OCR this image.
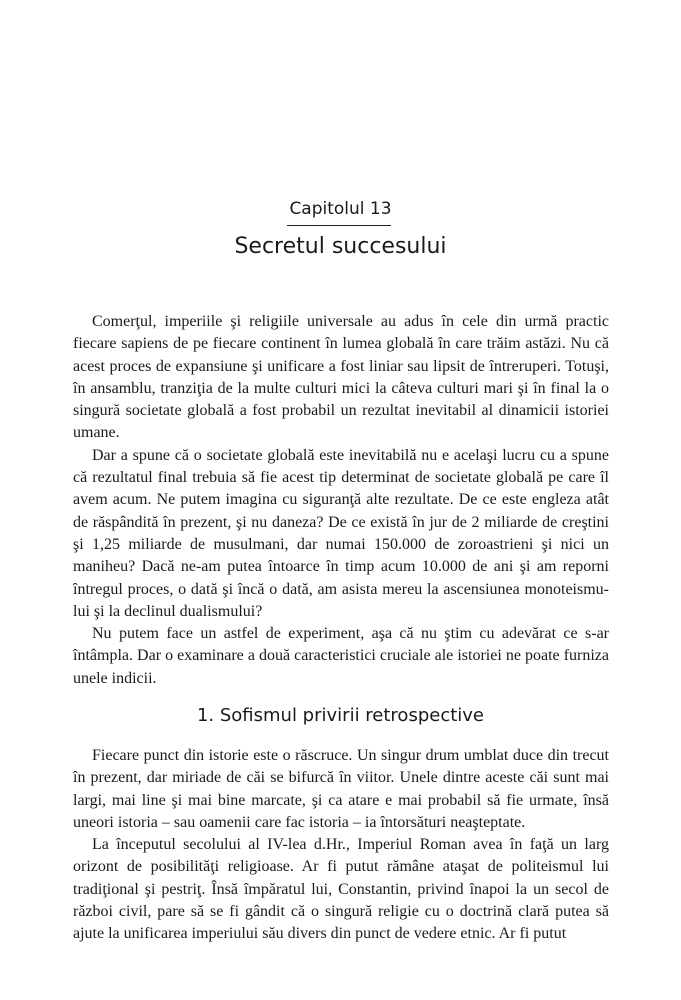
Capitolul 13
Secretul succesului

Comerţul, imperiile şi religiile universale au adus în cele din urmă practic fiecare sapiens de pe fiecare continent în lumea globală în care trăim astăzi. Nu că acest proces de expansiune şi unificare a fost liniar sau lipsit de întreruperi. Totuşi, în ansamblu, tranziţia de la multe culturi mici la câteva culturi mari şi în final la o singură societate globală a fost probabil un rezultat inevitabil al dinamicii istoriei umane.

Dar a spune că o societate globală este inevitabilă nu e acelaşi lucru cu a spune că rezultatul final trebuia să fie acest tip determinat de societate globală pe care îl avem acum. Ne putem imagina cu siguranţă alte rezultate. De ce este engleza atât de răspândită în prezent, şi nu daneza? De ce există în jur de 2 miliarde de creştini şi 1,25 miliarde de musulmani, dar numai 150.000 de zoroastrieni şi nici un maniheu? Dacă ne-am putea întoarce în timp acum 10.000 de ani şi am reporni întregul proces, o dată şi încă o dată, am asista mereu la ascensiunea monoteismului şi la declinul dualismului?

Nu putem face un astfel de experiment, aşa că nu ştim cu adevărat ce s-ar întâmpla. Dar o examinare a două caracteristici cruciale ale istoriei ne poate furniza unele indicii.

1. Sofismul privirii retrospective

Fiecare punct din istorie este o răscruce. Un singur drum umblat duce din trecut în prezent, dar miriade de căi se bifurcă în viitor. Unele dintre aceste căi sunt mai largi, mai line şi mai bine marcate, şi ca atare e mai probabil să fie urmate, însă uneori istoria – sau oamenii care fac istoria – ia întorsături neaşteptate.

La începutul secolului al IV-lea d.Hr., Imperiul Roman avea în faţă un larg orizont de posibilităţi religioase. Ar fi putut rămâne ataşat de politeismul lui tradiţional şi pestriţ. Însă împăratul lui, Constantin, privind înapoi la un secol de război civil, pare să se fi gândit că o singură religie cu o doctrină clară putea să ajute la unificarea imperiului său divers din punct de vedere etnic. Ar fi putut
